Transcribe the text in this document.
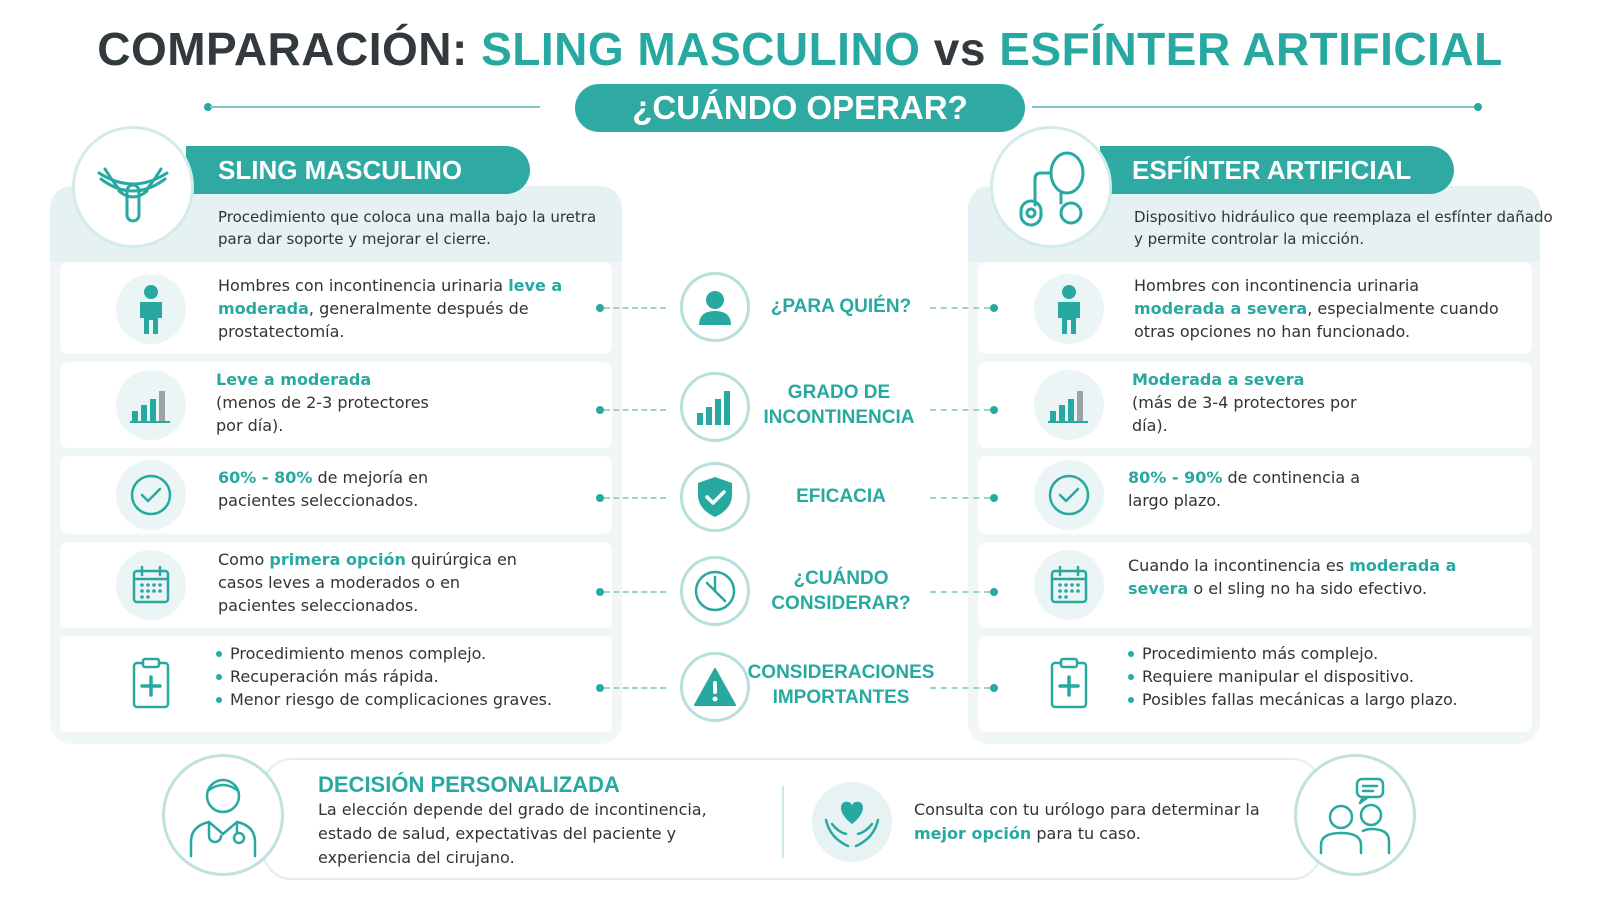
COMPARACIÓN: SLING MASCULINO vs ESFÍNTER ARTIFICIAL
¿CUÁNDO OPERAR?
SLING MASCULINO
Procedimiento que coloca una malla bajo la uretra para dar soporte y mejorar el cierre.
Hombres con incontinencia urinaria leve a moderada, generalmente después de prostatectomía.
Leve a moderada
(menos de 2-3 protectores por día).
60% - 80% de mejoría en pacientes seleccionados.
Como primera opción quirúrgica en casos leves a moderados o en pacientes seleccionados.
Procedimiento menos complejo.
Recuperación más rápida.
Menor riesgo de complicaciones graves.
ESFÍNTER ARTIFICIAL
Dispositivo hidráulico que reemplaza el esfínter dañado y permite controlar la micción.
Hombres con incontinencia urinaria moderada a severa, especialmente cuando otras opciones no han funcionado.
Moderada a severa
(más de 3-4 protectores por día).
80% - 90% de continencia a largo plazo.
Cuando la incontinencia es moderada a severa o el sling no ha sido efectivo.
Procedimiento más complejo.
Requiere manipular el dispositivo.
Posibles fallas mecánicas a largo plazo.
¿PARA QUIÉN?
GRADO DE INCONTINENCIA
EFICACIA
¿CUÁNDO CONSIDERAR?
CONSIDERACIONES IMPORTANTES
DECISIÓN PERSONALIZADA
La elección depende del grado de incontinencia, estado de salud, expectativas del paciente y experiencia del cirujano.
Consulta con tu urólogo para determinar la mejor opción para tu caso.
